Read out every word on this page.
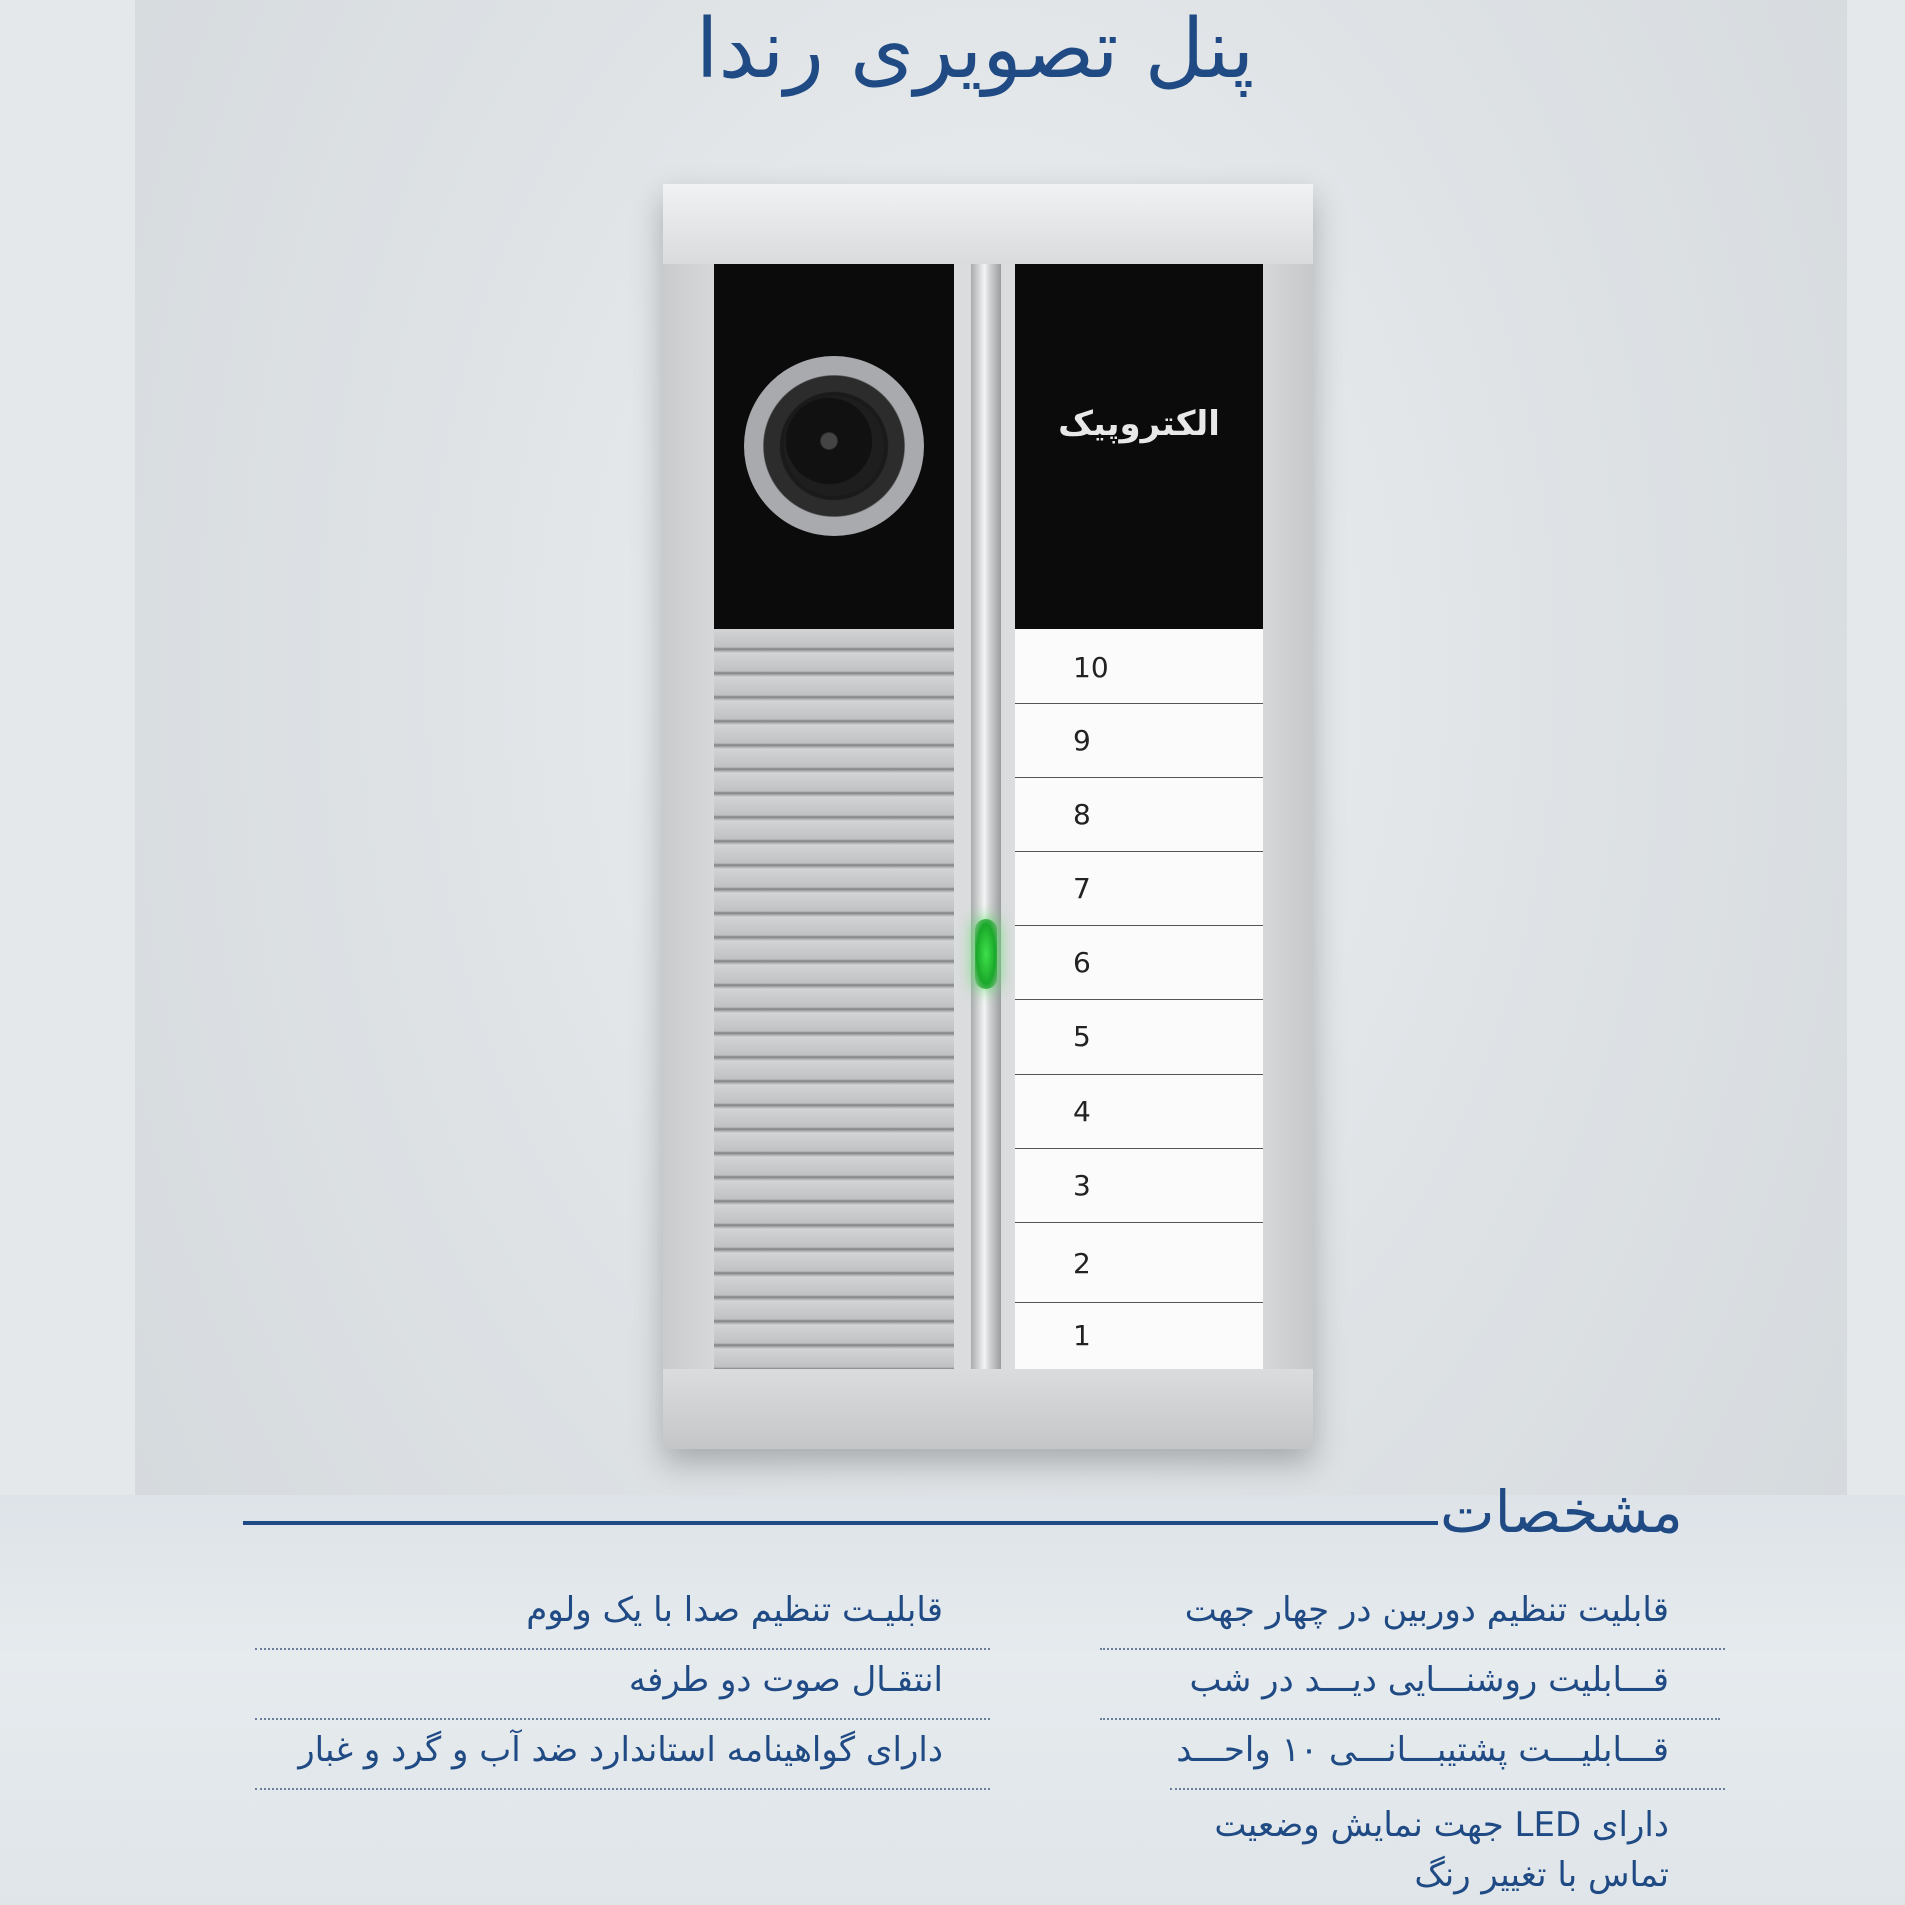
پنل تصویری رندا
الکتروپیک
10
9
8
7
6
5
4
3
2
1
مشخصات
قابلیت تنظیم دوربین در چهار جهت
قـــابلیت روشنـــایی دیـــد در شب
قـــابلیـــت پشتیبـــانـــی ۱۰ واحـــد
دارای LED جهت نمایش وضعیت
تماس با تغییر رنگ
قابلیـت تنظیم صدا با یک ولوم
انتقـال صوت دو طرفه
دارای گواهینامه استاندارد ضد آب و گرد و غبار
